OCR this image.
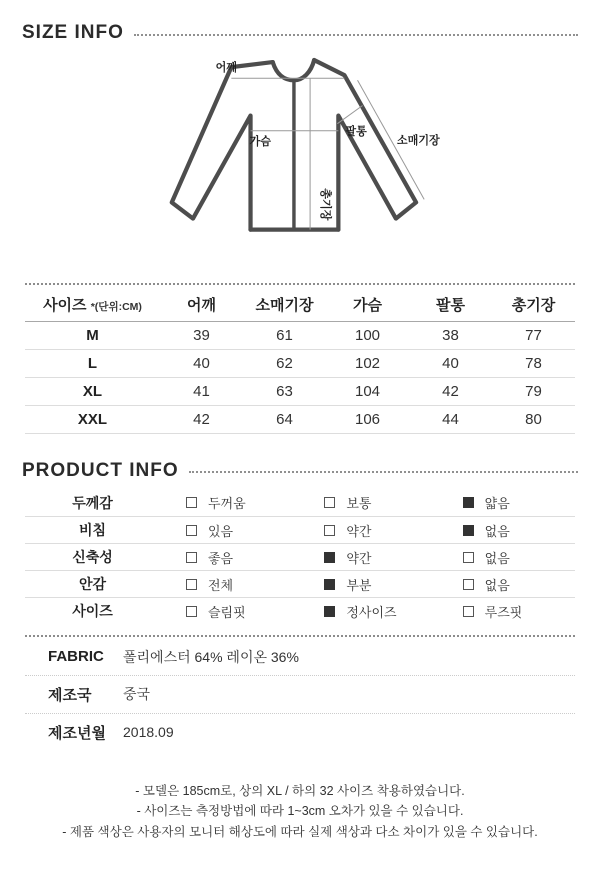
SIZE INFO
어깨
가슴
팔통
소매기장
총기장
사이즈 *(단위:CM)	어깨	소매기장	가슴	팔통	총기장
M	39	61	100	38	77
L	40	62	102	40	78
XL	41	63	104	42	79
XXL	42	64	106	44	80
PRODUCT INFO
두께감	두꺼움	보통	얇음

비침	있음	약간	없음

신축성	좋음	약간	없음

안감	전체	부분	없음

사이즈	슬림핏	정사이즈	루즈핏
FABRIC	폴리에스터 64% 레이온 36%
제조국	중국
제조년월	2018.09
- 모델은 185cm로, 상의 XL / 하의 32 사이즈 착용하였습니다.
- 사이즈는 측정방법에 따라 1~3cm 오차가 있을 수 있습니다.
- 제품 색상은 사용자의 모니터 해상도에 따라 실제 색상과 다소 차이가 있을 수 있습니다.
